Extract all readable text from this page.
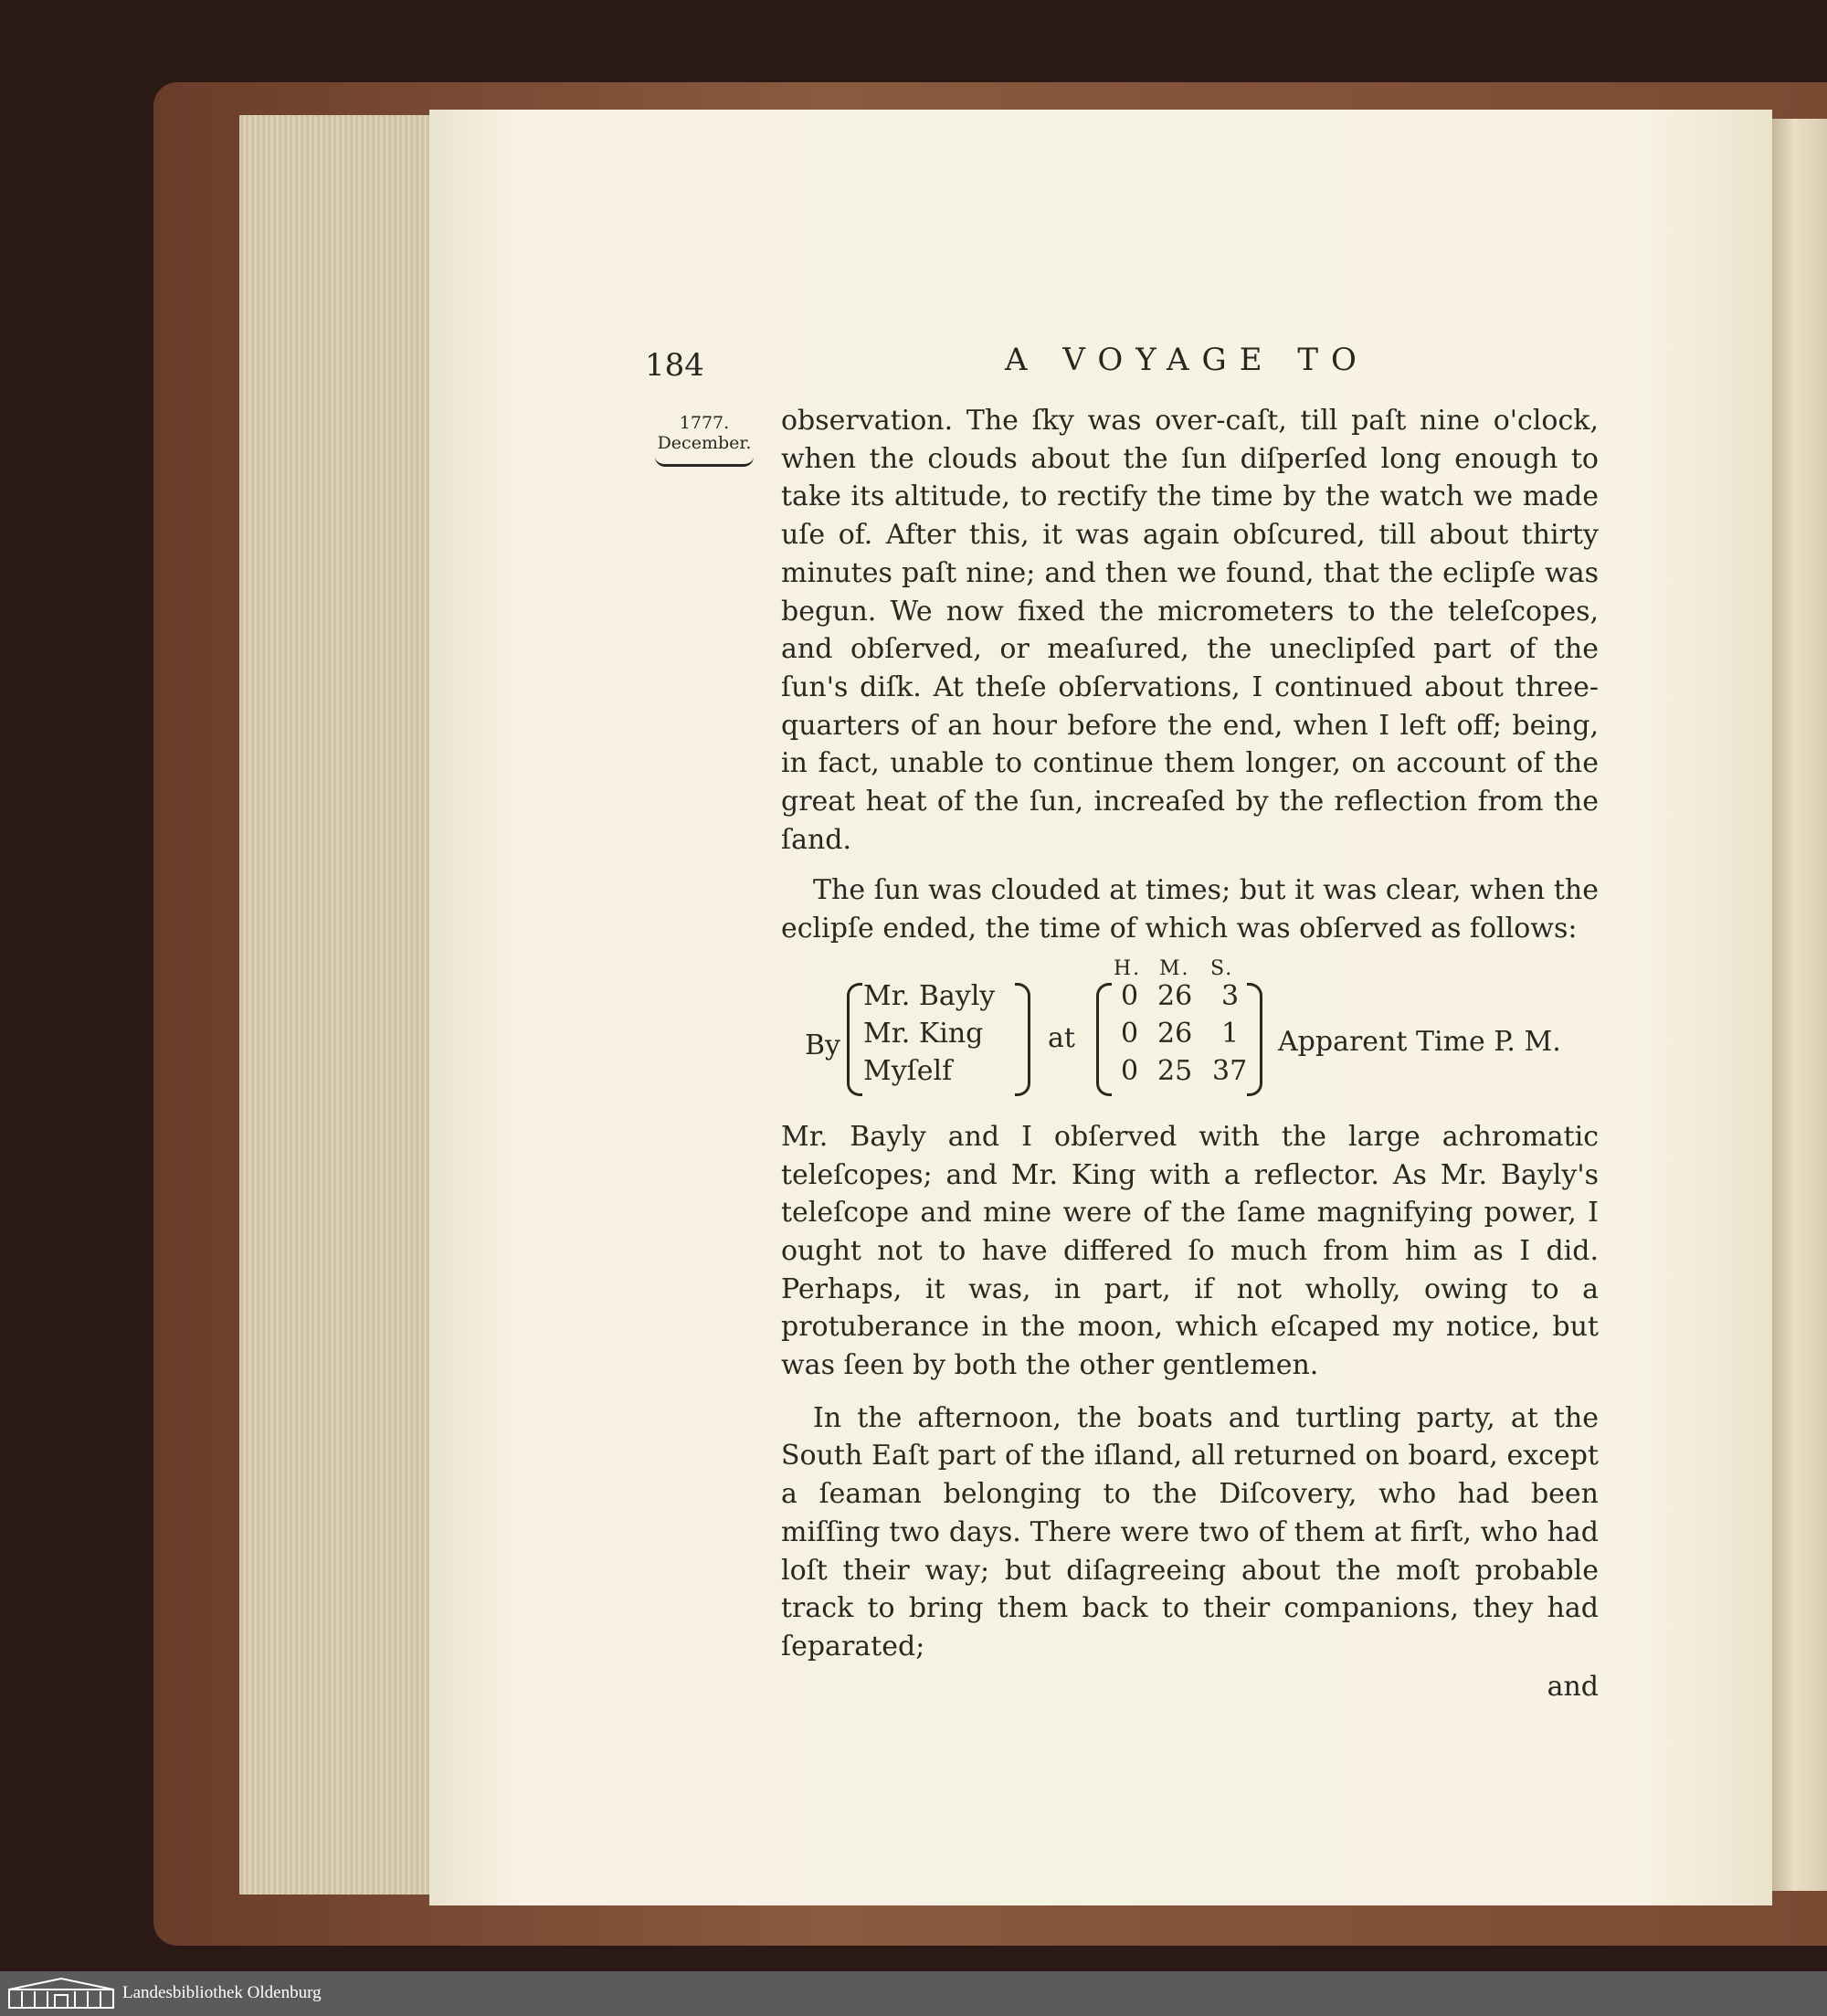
184	A VOYAGE TO
1777.
December.

observation. The ſky was over-caſt, till paſt nine o'clock, when the clouds about the ſun diſperſed long enough to take its altitude, to rectify the time by the watch we made uſe of. After this, it was again obſcured, till about thirty minutes paſt nine; and then we found, that the eclipſe was begun. We now fixed the micrometers to the teleſcopes, and obſerved, or meaſured, the uneclipſed part of the ſun's diſk. At theſe obſervations, I continued about three-quarters of an hour before the end, when I left off; being, in fact, unable to continue them longer, on account of the great heat of the ſun, increaſed by the reflection from the ſand.

The ſun was clouded at times; but it was clear, when the eclipſe ended, the time of which was obſerved as follows:

H. M. S.
By
Mr. Bayly
Mr. King
Myſelf
at
0 26 3
0 26 1
0 25 37
Apparent Time P. M.

Mr. Bayly and I obſerved with the large achromatic teleſcopes; and Mr. King with a reflector. As Mr. Bayly's teleſcope and mine were of the ſame magnifying power, I ought not to have differed ſo much from him as I did. Perhaps, it was, in part, if not wholly, owing to a protuberance in the moon, which eſcaped my notice, but was ſeen by both the other gentlemen.

In the afternoon, the boats and turtling party, at the South Eaſt part of the iſland, all returned on board, except a ſeaman belonging to the Diſcovery, who had been miſſing two days. There were two of them at firſt, who had loſt their way; but diſagreeing about the moſt probable track to bring them back to their companions, they had ſeparated;

and
Landesbibliothek Oldenburg
